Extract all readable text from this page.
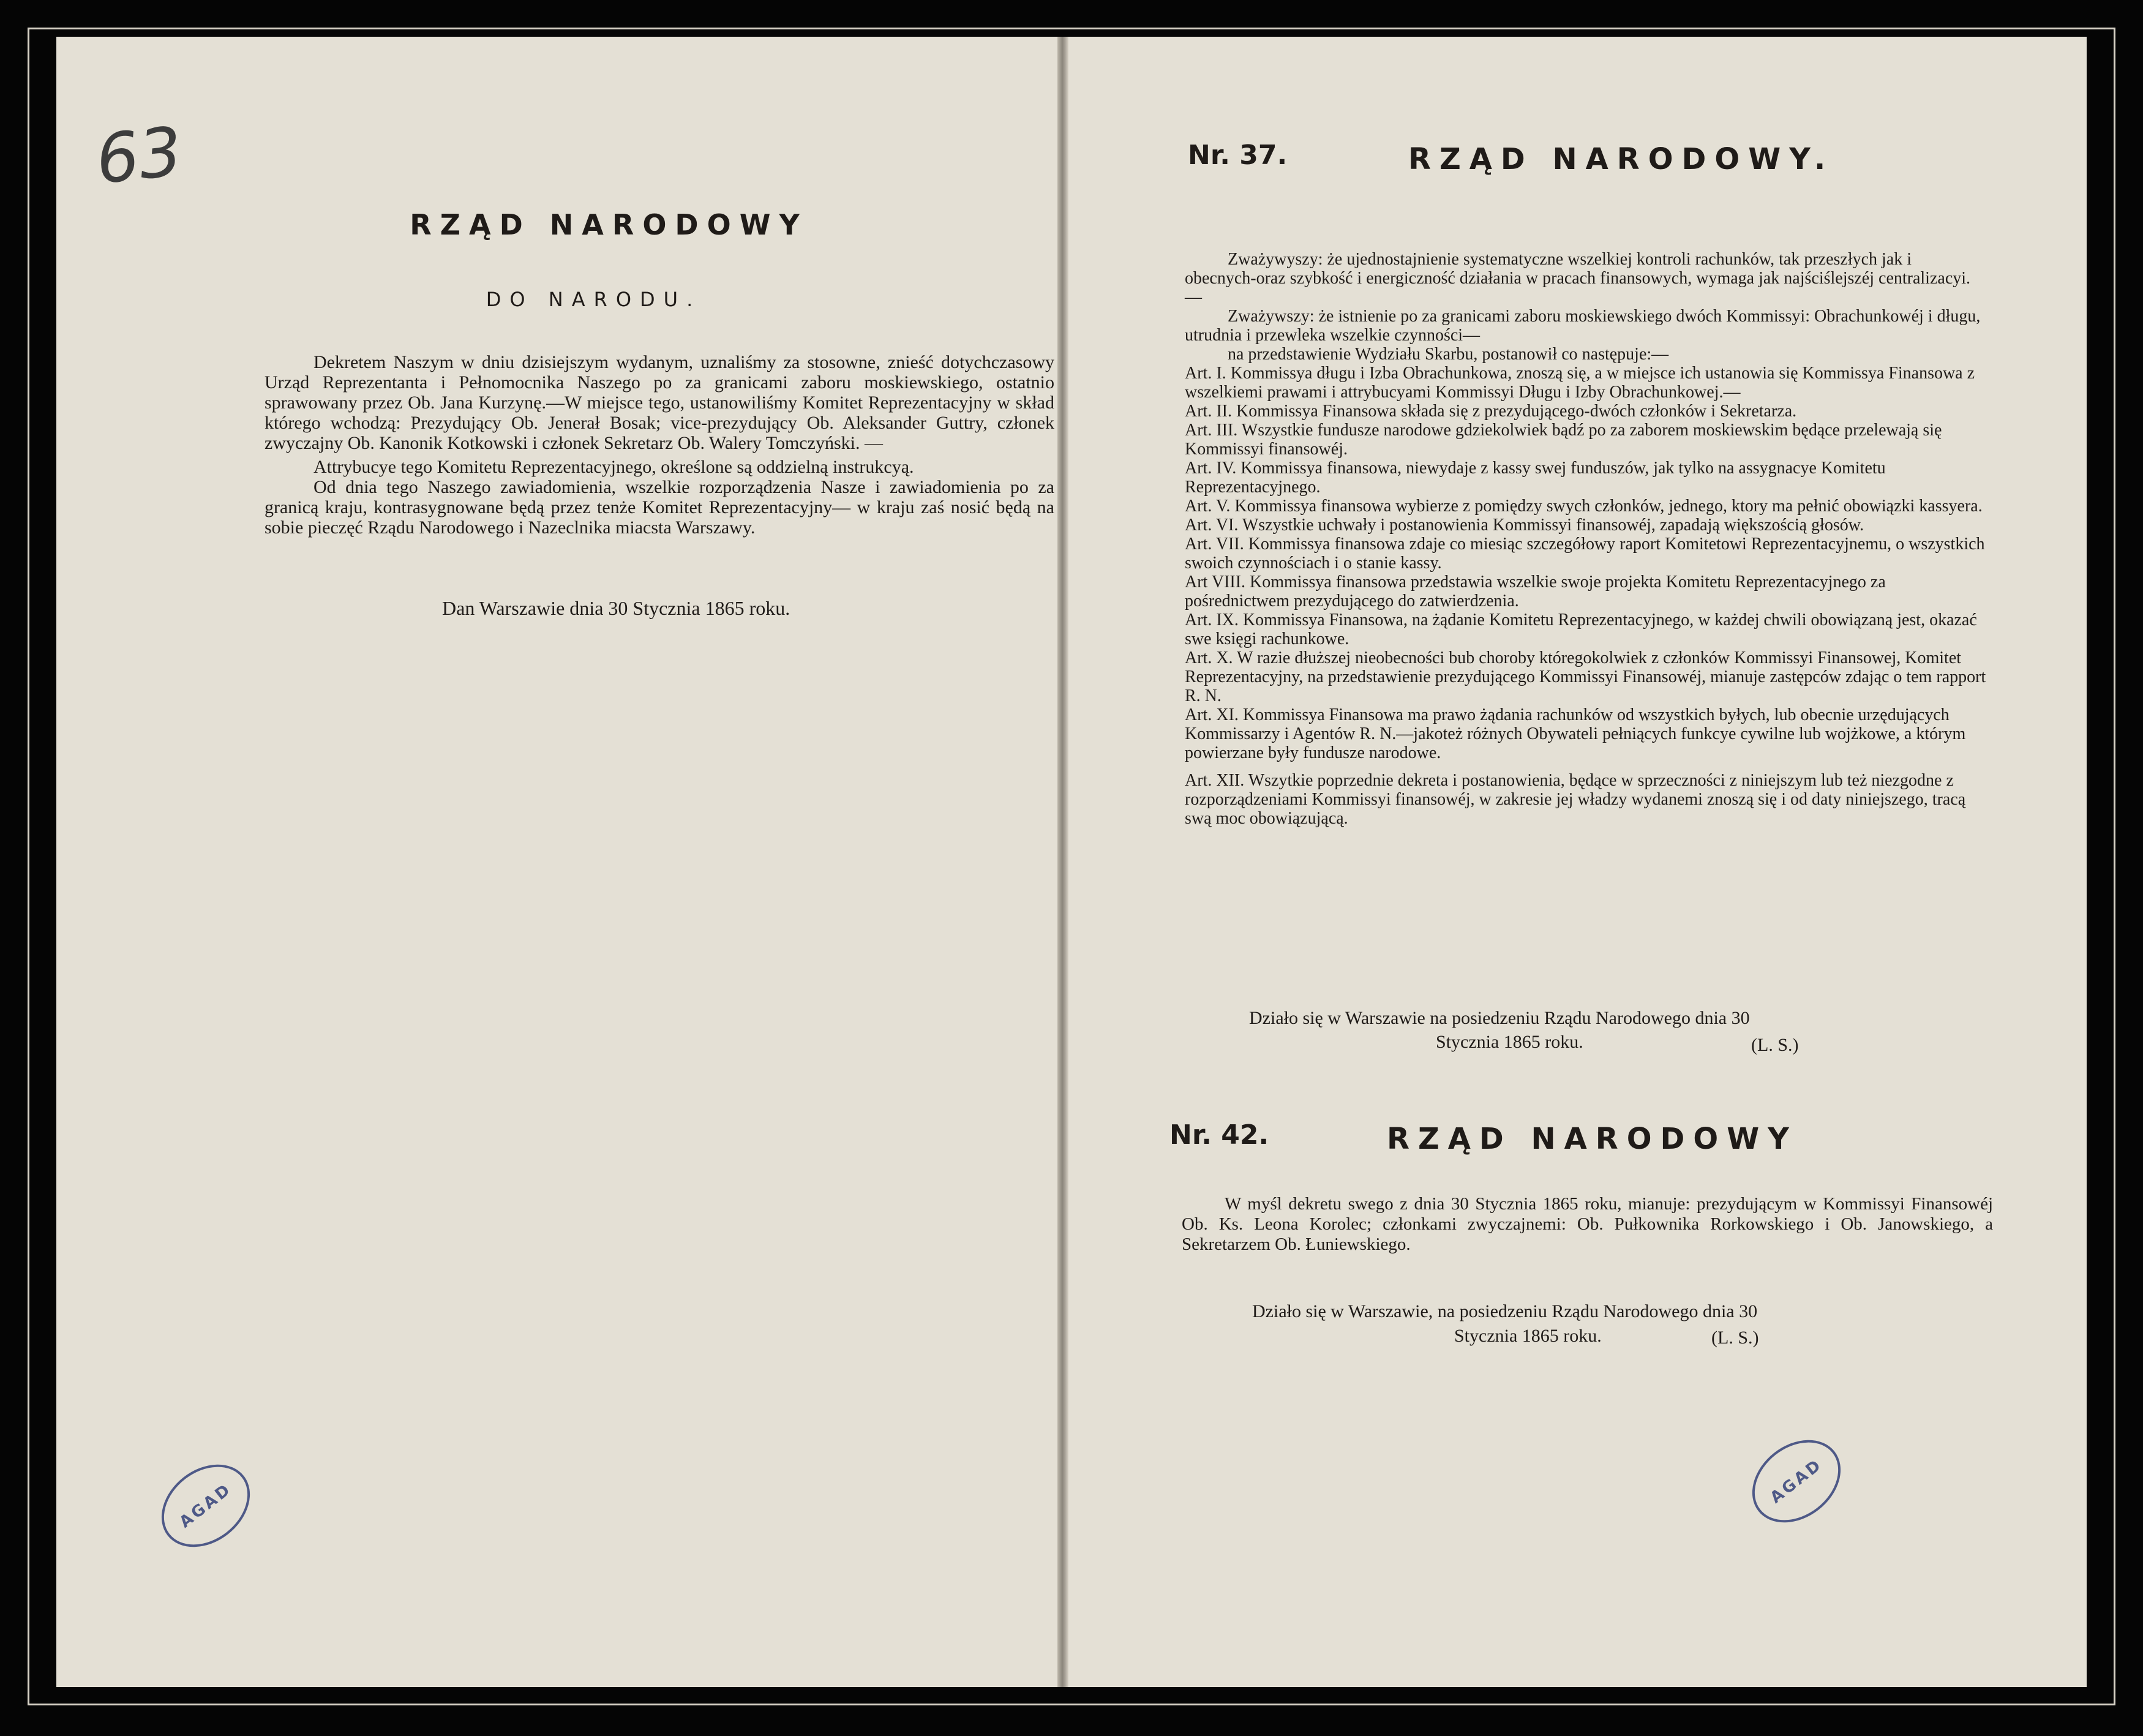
63
RZĄD NARODOWY
DO NARODU.

Dekretem Naszym w dniu dzisiejszym wydanym, uznaliśmy za stosowne, znieść dotychczasowy Urząd Reprezentanta i Pełnomocnika Naszego po za granicami zaboru moskiewskiego, ostatnio sprawowany przez Ob. Jana Kurzynę.—W miejsce tego, ustanowiliśmy Komitet Reprezentacyjny w skład którego wchodzą: Prezydujący Ob. Jenerał Bosak; vice-prezydujący Ob. Aleksander Guttry, członek zwyczajny Ob. Kanonik Kotkowski i członek Sekretarz Ob. Walery Tomczyński. —

Attrybucye tego Komitetu Reprezentacyjnego, określone są oddzielną instrukcyą.

Od dnia tego Naszego zawiadomienia, wszelkie rozporządzenia Nasze i zawiadomienia po za granicą kraju, kontrasygnowane będą przez tenże Komitet Reprezentacyjny— w kraju zaś nosić będą na sobie pieczęć Rządu Narodowego i Nazeclnika miacsta Warszawy.

Dan Warszawie dnia 30 Stycznia 1865 roku.
AGAD
Nr. 37.	RZĄD NARODOWY.

Zważywyszy: że ujednostajnienie systematyczne wszelkiej kontroli rachunków, tak przeszłych jak i obecnych-oraz szybkość i energiczność działania w pracach finansowych, wymaga jak najściślejszéj centralizacyi.—

Zważywszy: że istnienie po za granicami zaboru moskiewskiego dwóch Kommissyi: Obrachunkowéj i długu, utrudnia i przewleka wszelkie czynności—

na przedstawienie Wydziału Skarbu, postanowił co następuje:—

Art. I. Kommissya długu i Izba Obrachunkowa, znoszą się, a w miejsce ich ustanowia się Kommissya Finansowa z wszelkiemi prawami i attrybucyami Kommissyi Długu i Izby Obrachunkowej.—

Art. II. Kommissya Finansowa składa się z prezydującego-dwóch członków i Sekretarza.

Art. III. Wszystkie fundusze narodowe gdziekolwiek bądź po za zaborem moskiewskim będące przelewają się Kommissyi finansowéj.

Art. IV. Kommissya finansowa, niewydaje z kassy swej funduszów, jak tylko na assygnacye Komitetu Reprezentacyjnego.

Art. V. Kommissya finansowa wybierze z pomiędzy swych członków, jednego, ktory ma pełnić obowiązki kassyera.

Art. VI. Wszystkie uchwały i postanowienia Kommissyi finansowéj, zapadają większością głosów.

Art. VII. Kommissya finansowa zdaje co miesiąc szczegółowy raport Komitetowi Reprezentacyjnemu, o wszystkich swoich czynnościach i o stanie kassy.

Art VIII. Kommissya finansowa przedstawia wszelkie swoje projekta Komitetu Reprezentacyjnego za pośrednictwem prezydującego do zatwierdzenia.

Art. IX. Kommissya Finansowa, na żądanie Komitetu Reprezentacyjnego, w każdej chwili obowiązaną jest, okazać swe księgi rachunkowe.

Art. X. W razie dłuższej nieobecności bub choroby któregokolwiek z członków Kommissyi Finansowej, Komitet Reprezentacyjny, na przedstawienie prezydującego Kommissyi Finansowéj, mianuje zastępców zdając o tem rapport R. N.

Art. XI. Kommissya Finansowa ma prawo żądania rachunków od wszystkich byłych, lub obecnie urzędujących Kommissarzy i Agentów R. N.—jakoteż różnych Obywateli pełniących funkcye cywilne lub wojżkowe, a którym powierzane były fundusze narodowe.

Art. XII. Wszytkie poprzednie dekreta i postanowienia, będące w sprzeczności z niniejszym lub też niezgodne z rozporządzeniami Kommissyi finansowéj, w zakresie jej władzy wydanemi znoszą się i od daty niniejszego, tracą swą moc obowiązującą.

Działo się w Warszawie na posiedzeniu Rządu Narodowego dnia 30
Stycznia 1865 roku.	(L. S.)
Nr. 42.	RZĄD NARODOWY

W myśl dekretu swego z dnia 30 Stycznia 1865 roku, mianuje: prezydującym w Kommissyi Finansowéj Ob. Ks. Leona Korolec; członkami zwyczajnemi: Ob. Pułkownika Rorkowskiego i Ob. Janowskiego, a Sekretarzem Ob. Łuniewskiego.

Działo się w Warszawie, na posiedzeniu Rządu Narodowego dnia 30
Stycznia 1865 roku.	(L. S.)
AGAD
